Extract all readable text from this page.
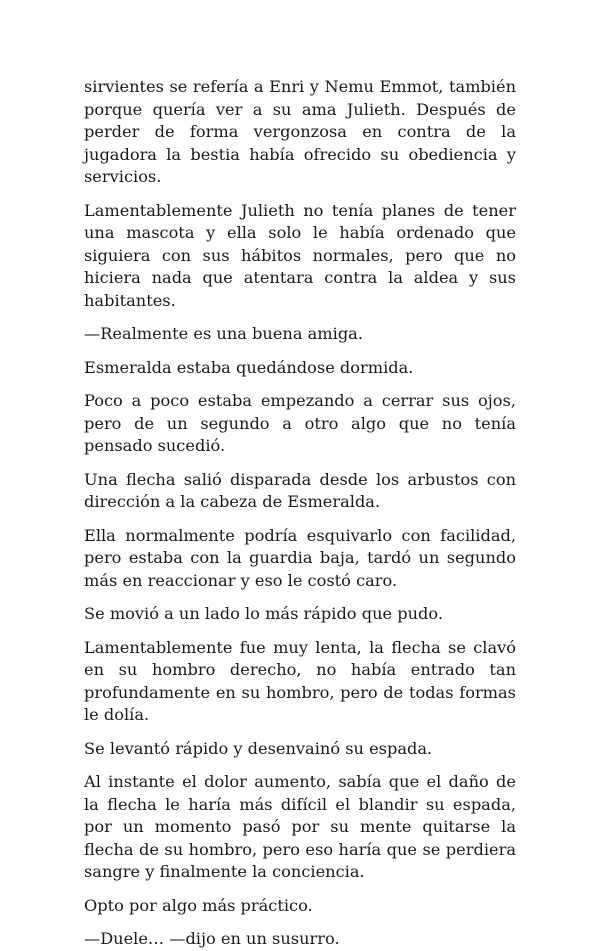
sirvientes se refería a Enri y Nemu Emmot, también porque quería ver a su ama Julieth. Después de perder de forma vergonzosa en contra de la jugadora la bestia había ofrecido su obediencia y servicios.

Lamentablemente Julieth no tenía planes de tener una mascota y ella solo le había ordenado que siguiera con sus hábitos normales, pero que no hiciera nada que atentara contra la aldea y sus habitantes.

—Realmente es una buena amiga.

Esmeralda estaba quedándose dormida.

Poco a poco estaba empezando a cerrar sus ojos, pero de un segundo a otro algo que no tenía pensado sucedió.

Una flecha salió disparada desde los arbustos con dirección a la cabeza de Esmeralda.

Ella normalmente podría esquivarlo con facilidad, pero estaba con la guardia baja, tardó un segundo más en reaccionar y eso le costó caro.

Se movió a un lado lo más rápido que pudo.

Lamentablemente fue muy lenta, la flecha se clavó en su hombro derecho, no había entrado tan profundamente en su hombro, pero de todas formas le dolía.

Se levantó rápido y desenvainó su espada.

Al instante el dolor aumento, sabía que el daño de la flecha le haría más difícil el blandir su espada, por un momento pasó por su mente quitarse la flecha de su hombro, pero eso haría que se perdiera sangre y finalmente la conciencia.

Opto por algo más práctico.

—Duele… —dijo en un susurro.
